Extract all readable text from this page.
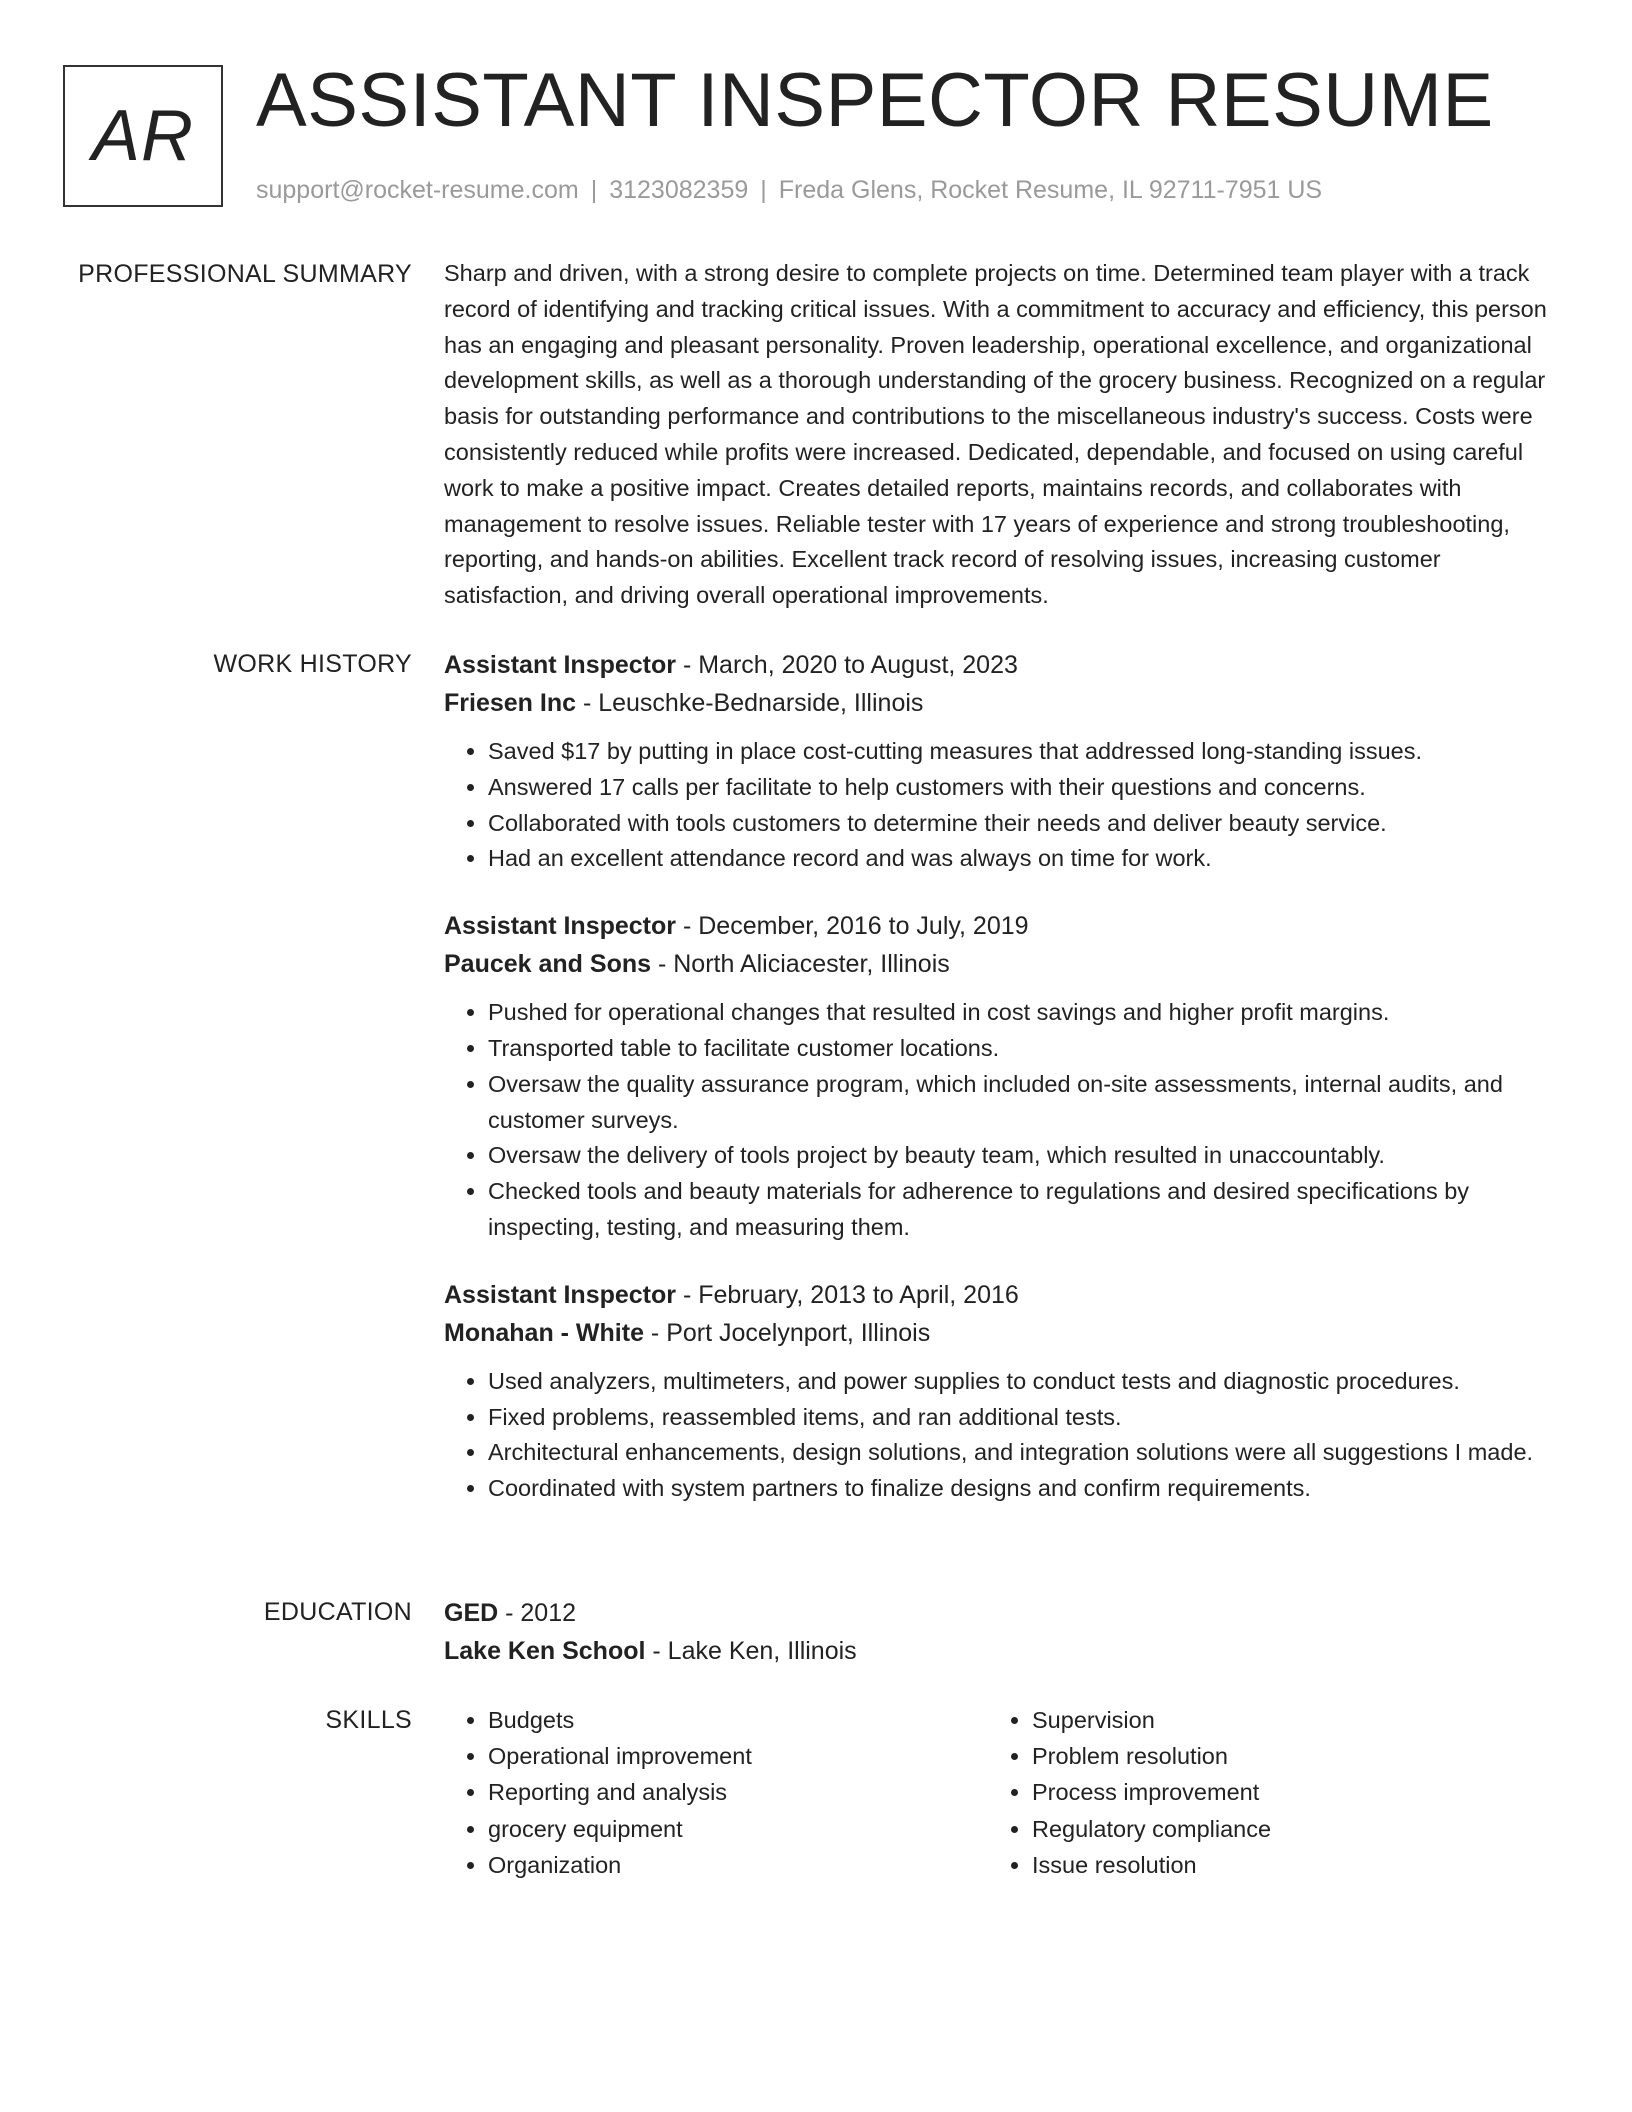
AR ASSISTANT INSPECTOR RESUME
support@rocket-resume.com | 3123082359 | Freda Glens, Rocket Resume, IL 92711-7951 US
PROFESSIONAL SUMMARY Sharp and driven, with a strong desire to complete projects on time. Determined team player with a track record of identifying and tracking critical issues. With a commitment to accuracy and efficiency, this person has an engaging and pleasant personality. Proven leadership, operational excellence, and organizational development skills, as well as a thorough understanding of the grocery business. Recognized on a regular basis for outstanding performance and contributions to the miscellaneous industry's success. Costs were consistently reduced while profits were increased. Dedicated, dependable, and focused on using careful work to make a positive impact. Creates detailed reports, maintains records, and collaborates with management to resolve issues. Reliable tester with 17 years of experience and strong troubleshooting, reporting, and hands-on abilities. Excellent track record of resolving issues, increasing customer satisfaction, and driving overall operational improvements.

WORK HISTORY Assistant Inspector - March, 2020 to August, 2023
Friesen Inc - Leuschke-Bednarside, Illinois
• Saved $17 by putting in place cost-cutting measures that addressed long-standing issues.
• Answered 17 calls per facilitate to help customers with their questions and concerns.
• Collaborated with tools customers to determine their needs and deliver beauty service.
• Had an excellent attendance record and was always on time for work.
Assistant Inspector - December, 2016 to July, 2019
Paucek and Sons - North Aliciacester, Illinois
• Pushed for operational changes that resulted in cost savings and higher profit margins.
• Transported table to facilitate customer locations.
• Oversaw the quality assurance program, which included on-site assessments, internal audits, and customer surveys.
• Oversaw the delivery of tools project by beauty team, which resulted in unaccountably.
• Checked tools and beauty materials for adherence to regulations and desired specifications by inspecting, testing, and measuring them.
Assistant Inspector - February, 2013 to April, 2016
Monahan - White - Port Jocelynport, Illinois
• Used analyzers, multimeters, and power supplies to conduct tests and diagnostic procedures.
• Fixed problems, reassembled items, and ran additional tests.
• Architectural enhancements, design solutions, and integration solutions were all suggestions I made.
• Coordinated with system partners to finalize designs and confirm requirements.
EDUCATION GED - 2012
Lake Ken School - Lake Ken, Illinois
SKILLS
•	Budgets
• Operational improvement
• Reporting and analysis
• grocery equipment
• Organization
• Supervision
• Problem resolution
• Process improvement
• Regulatory compliance
• Issue resolution
